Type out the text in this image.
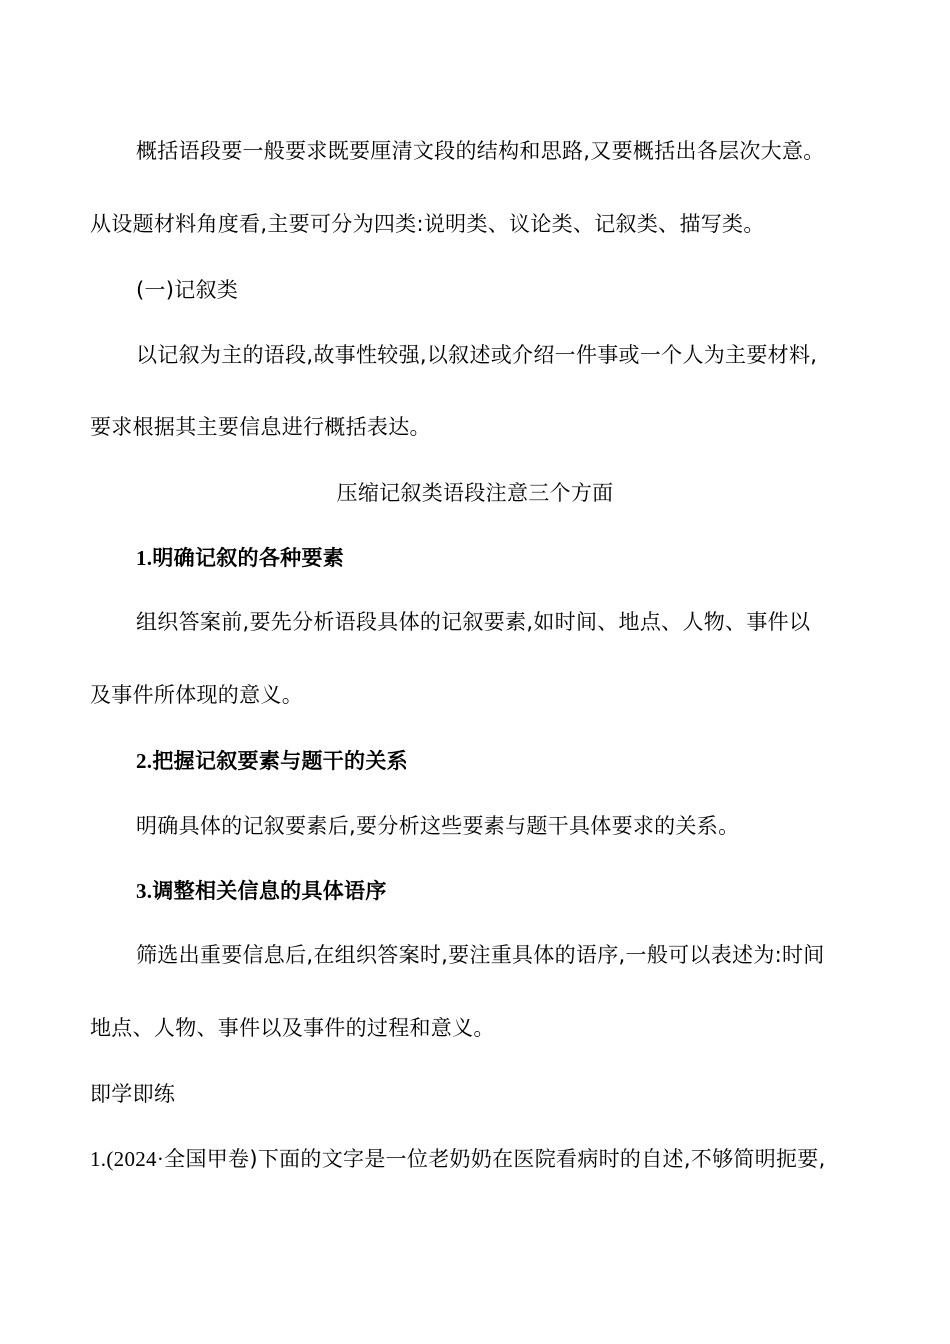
概括语段要一般要求既要厘清文段的结构和思路,又要概括出各层次大意。
从设题材料角度看,主要可分为四类:说明类、议论类、记叙类、描写类。
(一)记叙类
以记叙为主的语段,故事性较强,以叙述或介绍一件事或一个人为主要材料,
要求根据其主要信息进行概括表达。
压缩记叙类语段注意三个方面
1.明确记叙的各种要素
组织答案前,要先分析语段具体的记叙要素,如时间、地点、人物、事件以
及事件所体现的意义。
2.把握记叙要素与题干的关系
明确具体的记叙要素后,要分析这些要素与题干具体要求的关系。
3.调整相关信息的具体语序
筛选出重要信息后,在组织答案时,要注重具体的语序,一般可以表述为:时间
地点、人物、事件以及事件的过程和意义。
即学即练
1.(2024·全国甲卷)下面的文字是一位老奶奶在医院看病时的自述,不够简明扼要,
